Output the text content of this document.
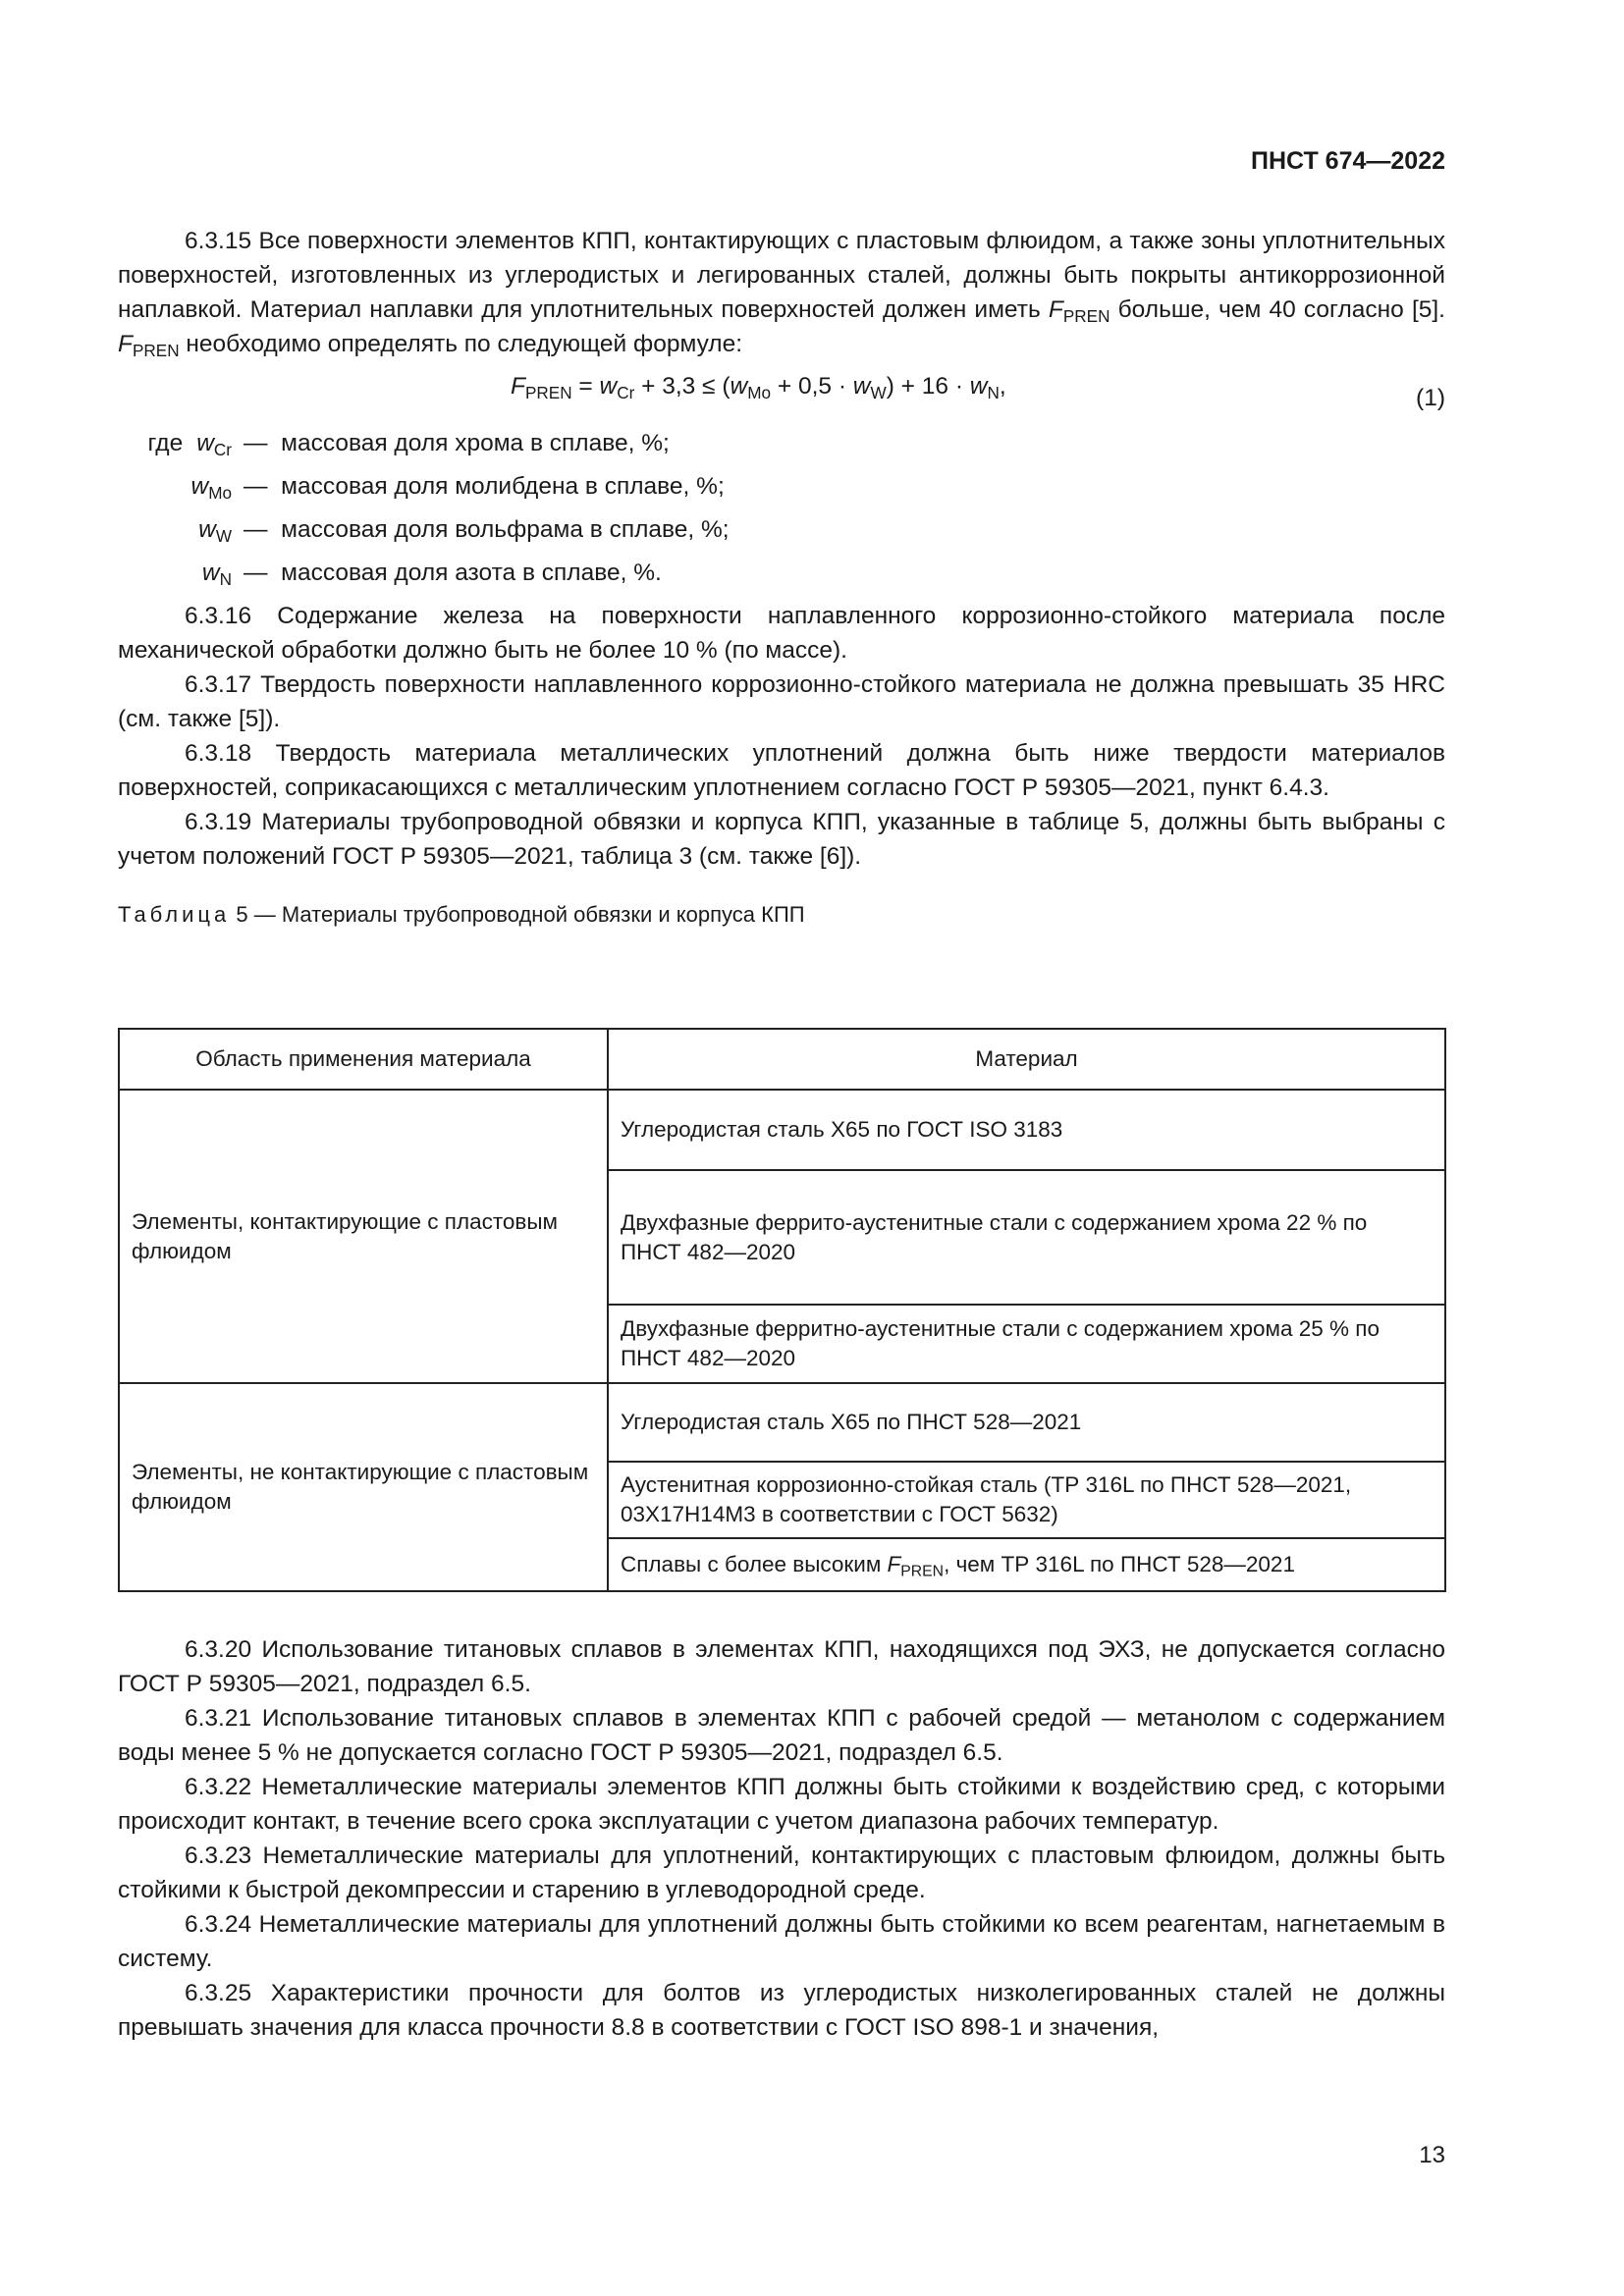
ПНСТ 674—2022

6.3.15 Все поверхности элементов КПП, контактирующих с пластовым флюидом, а также зоны уплотнительных поверхностей, изготовленных из углеродистых и легированных сталей, должны быть покрыты антикоррозионной наплавкой. Материал наплавки для уплотнительных поверхностей должен иметь $F_{PREN}$ больше, чем 40 согласно [5]. $F_{PREN}$ необходимо определять по следующей формуле:

$F_{PREN} = w_{Cr} + 3,3 \le (w_{Mo} + 0,5 \cdot w_W) + 16 \cdot w_N$,	(1)
где $w_{Cr}$ —
массовая доля хрома в сплаве, %;
$w_{Mo}$ —
массовая доля молибдена в сплаве, %;
$w_W$ —
массовая доля вольфрама в сплаве, %;
$w_N$ —
массовая доля азота в сплаве, %.

6.3.16 Содержание железа на поверхности наплавленного коррозионно-стойкого материала после механической обработки должно быть не более 10 % (по массе).

6.3.17 Твердость поверхности наплавленного коррозионно-стойкого материала не должна превышать 35 HRC (см. также [5]).

6.3.18 Твердость материала металлических уплотнений должна быть ниже твердости материалов поверхностей, соприкасающихся с металлическим уплотнением согласно ГОСТ Р 59305—2021, пункт 6.4.3.

6.3.19 Материалы трубопроводной обвязки и корпуса КПП, указанные в таблице 5, должны быть выбраны с учетом положений ГОСТ Р 59305—2021, таблица 3 (см. также [6]).

Таблица 5 — Материалы трубопроводной обвязки и корпуса КПП
Область применения материала	Материал
Элементы, контактирующие с пластовым флюидом	Углеродистая сталь Х65 по ГОСТ ISO 3183
	Двухфазные феррито-аустенитные стали с содержанием хрома 22 % по ПНСТ 482—2020
	Двухфазные ферритно-аустенитные стали с содержанием хрома 25 % по ПНСТ 482—2020
Элементы, не контактирующие с пластовым флюидом	Углеродистая сталь Х65 по ПНСТ 528—2021
	Аустенитная коррозионно-стойкая сталь (ТР 316L по ПНСТ 528—2021, 03Х17Н14М3 в соответствии с ГОСТ 5632)
	Сплавы с более высоким $F_{PREN}$, чем ТР 316L по ПНСТ 528—2021

6.3.20 Использование титановых сплавов в элементах КПП, находящихся под ЭХЗ, не допускается согласно ГОСТ Р 59305—2021, подраздел 6.5.

6.3.21 Использование титановых сплавов в элементах КПП с рабочей средой — метанолом с содержанием воды менее 5 % не допускается согласно ГОСТ Р 59305—2021, подраздел 6.5.

6.3.22 Неметаллические материалы элементов КПП должны быть стойкими к воздействию сред, с которыми происходит контакт, в течение всего срока эксплуатации с учетом диапазона рабочих температур.

6.3.23 Неметаллические материалы для уплотнений, контактирующих с пластовым флюидом, должны быть стойкими к быстрой декомпрессии и старению в углеводородной среде.

6.3.24 Неметаллические материалы для уплотнений должны быть стойкими ко всем реагентам, нагнетаемым в систему.

6.3.25 Характеристики прочности для болтов из углеродистых низколегированных сталей не должны превышать значения для класса прочности 8.8 в соответствии с ГОСТ ISO 898-1 и значения,

13
